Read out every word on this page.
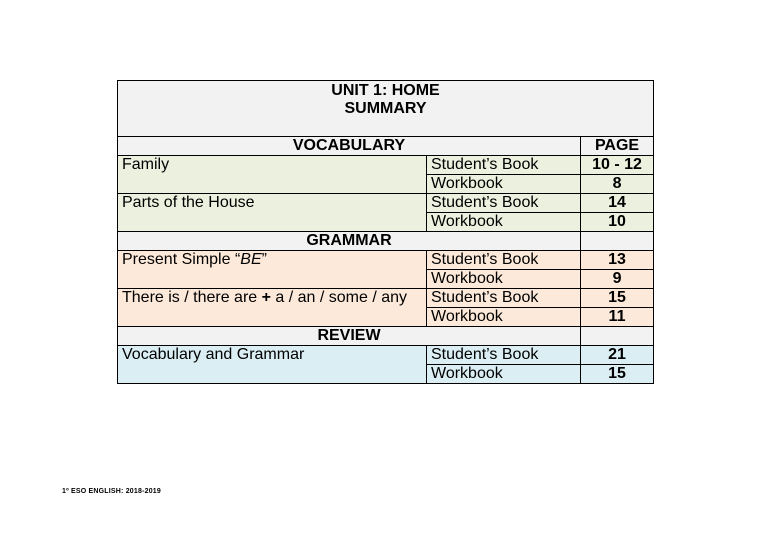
UNIT 1: HOME
SUMMARY		

VOCABULARY		PAGE
Family	Student’s Book	10 - 12
	Workbook	8
Parts of the House	Student’s Book	14
	Workbook	10
GRAMMAR		
Present Simple “BE”	Student’s Book	13
	Workbook	9
There is / there are + a / an / some / any	Student’s Book	15
	Workbook	11
REVIEW		
Vocabulary and Grammar	Student’s Book	21
	Workbook	15
1º ESO ENGLISH: 2018-2019
